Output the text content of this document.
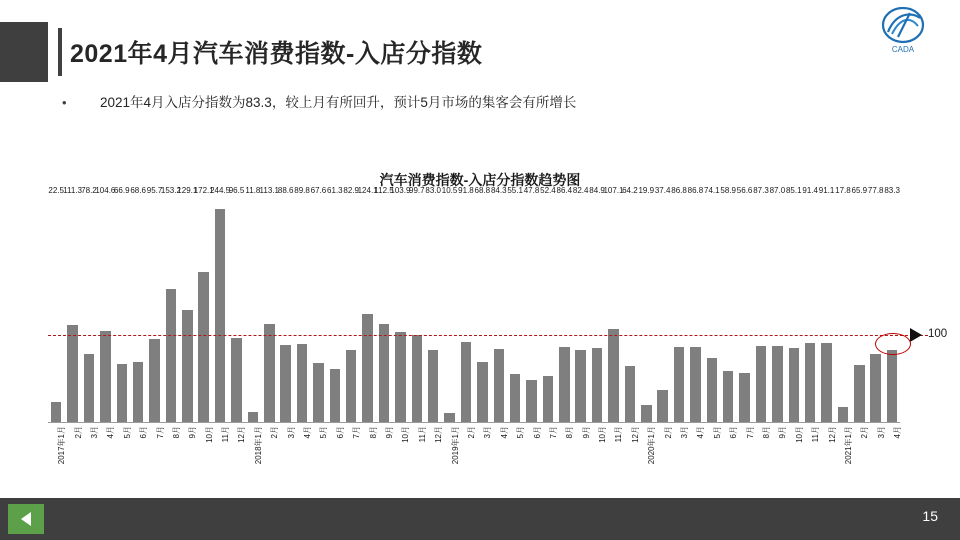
2021年4月汽车消费指数-入店分指数	CADA
•	2021年4月入店分指数为83.3，较上月有所回升，预计5月市场的集客会有所增长
汽车消费指数-入店分指数趋势图
22.5 111.3 78.2
104.6
66.9 68.6 95.7
153.2
129.1
172.1
244.5
96.5 11.8 113.1
88.6 89.8 67.6 61.3 82.9
124.1
112.5
103.9
99.7 83.0 10.5 91.8 68.8 84.3 55.1 47.8 52.4 86.4 82.4 84.9
107.1
64.2 19.9 37.4 86.8 86.8 74.1 58.9 56.6 87.3 87.0 85.1 91.4 91.1 17.8 65.9 77.8 83.3
100
2017年1月 2月 3月 4月 5月 6月 7月 8月 9月 10月 11月 12月 2018年1月 2月 3月 4月 5月 6月 7月 8月 9月 10月 11月 12月 2019年1月 2月 3月 4月 5月 6月 7月 8月 9月 10月 11月 12月 2020年1月 2月 3月 4月 5月 6月 7月 8月 9月 10月 11月 12月 2021年1月 2月 3月 4月
15
